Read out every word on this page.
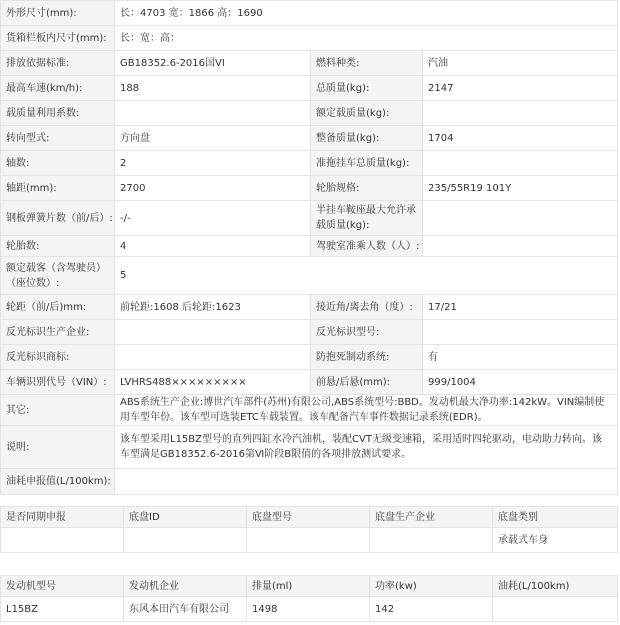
外形尺寸(mm):	长：4703 宽：1866 高：1690		
货箱栏板内尺寸(mm):	长：宽：高：		
排放依据标准:	GB18352.6-2016国VI	燃料种类:	汽油
最高车速(km/h):	188	总质量(kg):	2147
载质量利用系数:		额定载质量(kg):	
转向型式:	方向盘	整备质量(kg):	1704
轴数:	2	准拖挂车总质量(kg):	
轴距(mm):	2700	轮胎规格:	235/55R19 101Y
钢板弹簧片数（前/后）:	-/-	半挂车鞍座最大允许承载质量(kg):	
轮胎数:	4	驾驶室准乘人数（人）:	
额定载客（含驾驶员）（座位数）:	5		
轮距（前/后)mm:	前轮距:1608 后轮距:1623	接近角/离去角（度）:	17/21
反光标识生产企业:		反光标识型号:	
反光标识商标:		防抱死制动系统:	有
车辆识别代号（VIN）:	LVHRS488×××××××××	前悬/后悬(mm):	999/1004
其它:	ABS系统生产企业:博世汽车部件(苏州)有限公司,ABS系统型号:BBD。发动机最大净功率:142kW。VIN编制使用车型年份。该车型可选装ETC车载装置。该车配备汽车事件数据记录系统(EDR)。		
说明:	该车型采用L15BZ型号的直列四缸水冷汽油机，装配CVT无级变速箱，采用适时四轮驱动，电动助力转向。该车型满足GB18352.6-2016第Ⅵ阶段B限值的各项排放测试要求。		
油耗申报值(L/100km):			
是否同期申报	底盘ID	底盘型号	底盘生产企业	底盘类别
				承载式车身
发动机型号	发动机企业	排量(ml)	功率(kw)	油耗(L/100km)
L15BZ	东风本田汽车有限公司	1498	142	
